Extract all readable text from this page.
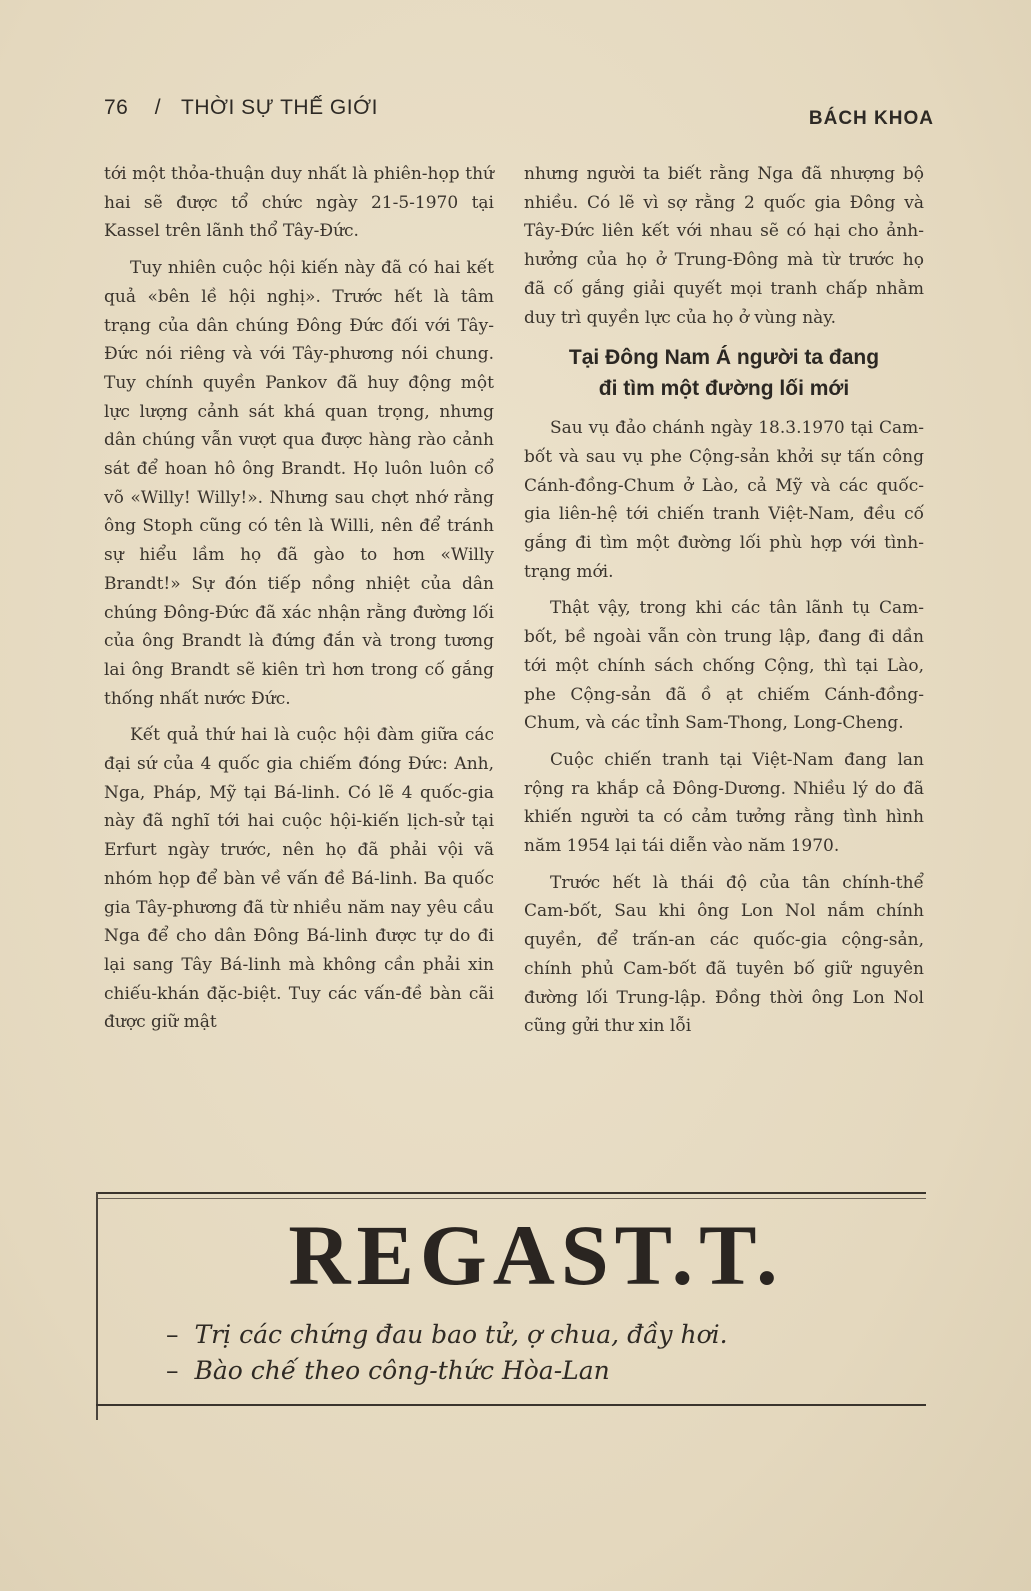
76 / THỜI SỰ THẾ GIỚI	BÁCH KHOA

tới một thỏa-thuận duy nhất là phiên-họp thứ hai sẽ được tổ chức ngày 21-5-1970 tại Kassel trên lãnh thổ Tây-Đức.

Tuy nhiên cuộc hội kiến này đã có hai kết quả «bên lề hội nghị». Trước hết là tâm trạng của dân chúng Đông Đức đối với Tây-Đức nói riêng và với Tây-phương nói chung. Tuy chính quyền Pankov đã huy động một lực lượng cảnh sát khá quan trọng, nhưng dân chúng vẫn vượt qua được hàng rào cảnh sát để hoan hô ông Brandt. Họ luôn luôn cổ võ «Willy! Willy!». Nhưng sau chợt nhớ rằng ông Stoph cũng có tên là Willi, nên để tránh sự hiểu lầm họ đã gào to hơn «Willy Brandt!» Sự đón tiếp nồng nhiệt của dân chúng Đông-Đức đã xác nhận rằng đường lối của ông Brandt là đứng đắn và trong tương lai ông Brandt sẽ kiên trì hơn trong cố gắng thống nhất nước Đức.

Kết quả thứ hai là cuộc hội đàm giữa các đại sứ của 4 quốc gia chiếm đóng Đức: Anh, Nga, Pháp, Mỹ tại Bá-linh. Có lẽ 4 quốc-gia này đã nghĩ tới hai cuộc hội-kiến lịch-sử tại Erfurt ngày trước, nên họ đã phải vội vã nhóm họp để bàn về vấn đề Bá-linh. Ba quốc gia Tây-phương đã từ nhiều năm nay yêu cầu Nga để cho dân Đông Bá-linh được tự do đi lại sang Tây Bá-linh mà không cần phải xin chiếu-khán đặc-biệt. Tuy các vấn-đề bàn cãi được giữ mật

nhưng người ta biết rằng Nga đã nhượng bộ nhiều. Có lẽ vì sợ rằng 2 quốc gia Đông và Tây-Đức liên kết với nhau sẽ có hại cho ảnh-hưởng của họ ở Trung-Đông mà từ trước họ đã cố gắng giải quyết mọi tranh chấp nhằm duy trì quyền lực của họ ở vùng này.

Tại Đông Nam Á người ta đang
đi tìm một đường lối mới

Sau vụ đảo chánh ngày 18.3.1970 tại Cam-bốt và sau vụ phe Cộng-sản khởi sự tấn công Cánh-đồng-Chum ở Lào, cả Mỹ và các quốc-gia liên-hệ tới chiến tranh Việt-Nam, đều cố gắng đi tìm một đường lối phù hợp với tình-trạng mới.

Thật vậy, trong khi các tân lãnh tụ Cam-bốt, bề ngoài vẫn còn trung lập, đang đi dần tới một chính sách chống Cộng, thì tại Lào, phe Cộng-sản đã ồ ạt chiếm Cánh-đồng-Chum, và các tỉnh Sam-Thong, Long-Cheng.

Cuộc chiến tranh tại Việt-Nam đang lan rộng ra khắp cả Đông-Dương. Nhiều lý do đã khiến người ta có cảm tưởng rằng tình hình năm 1954 lại tái diễn vào năm 1970.

Trước hết là thái độ của tân chính-thể Cam-bốt, Sau khi ông Lon Nol nắm chính quyền, để trấn-an các quốc-gia cộng-sản, chính phủ Cam-bốt đã tuyên bố giữ nguyên đường lối Trung-lập. Đồng thời ông Lon Nol cũng gửi thư xin lỗi

REGAST.T.
– Trị các chứng đau bao tử, ợ chua, đầy hơi.
– Bào chế theo công-thức Hòa-Lan
